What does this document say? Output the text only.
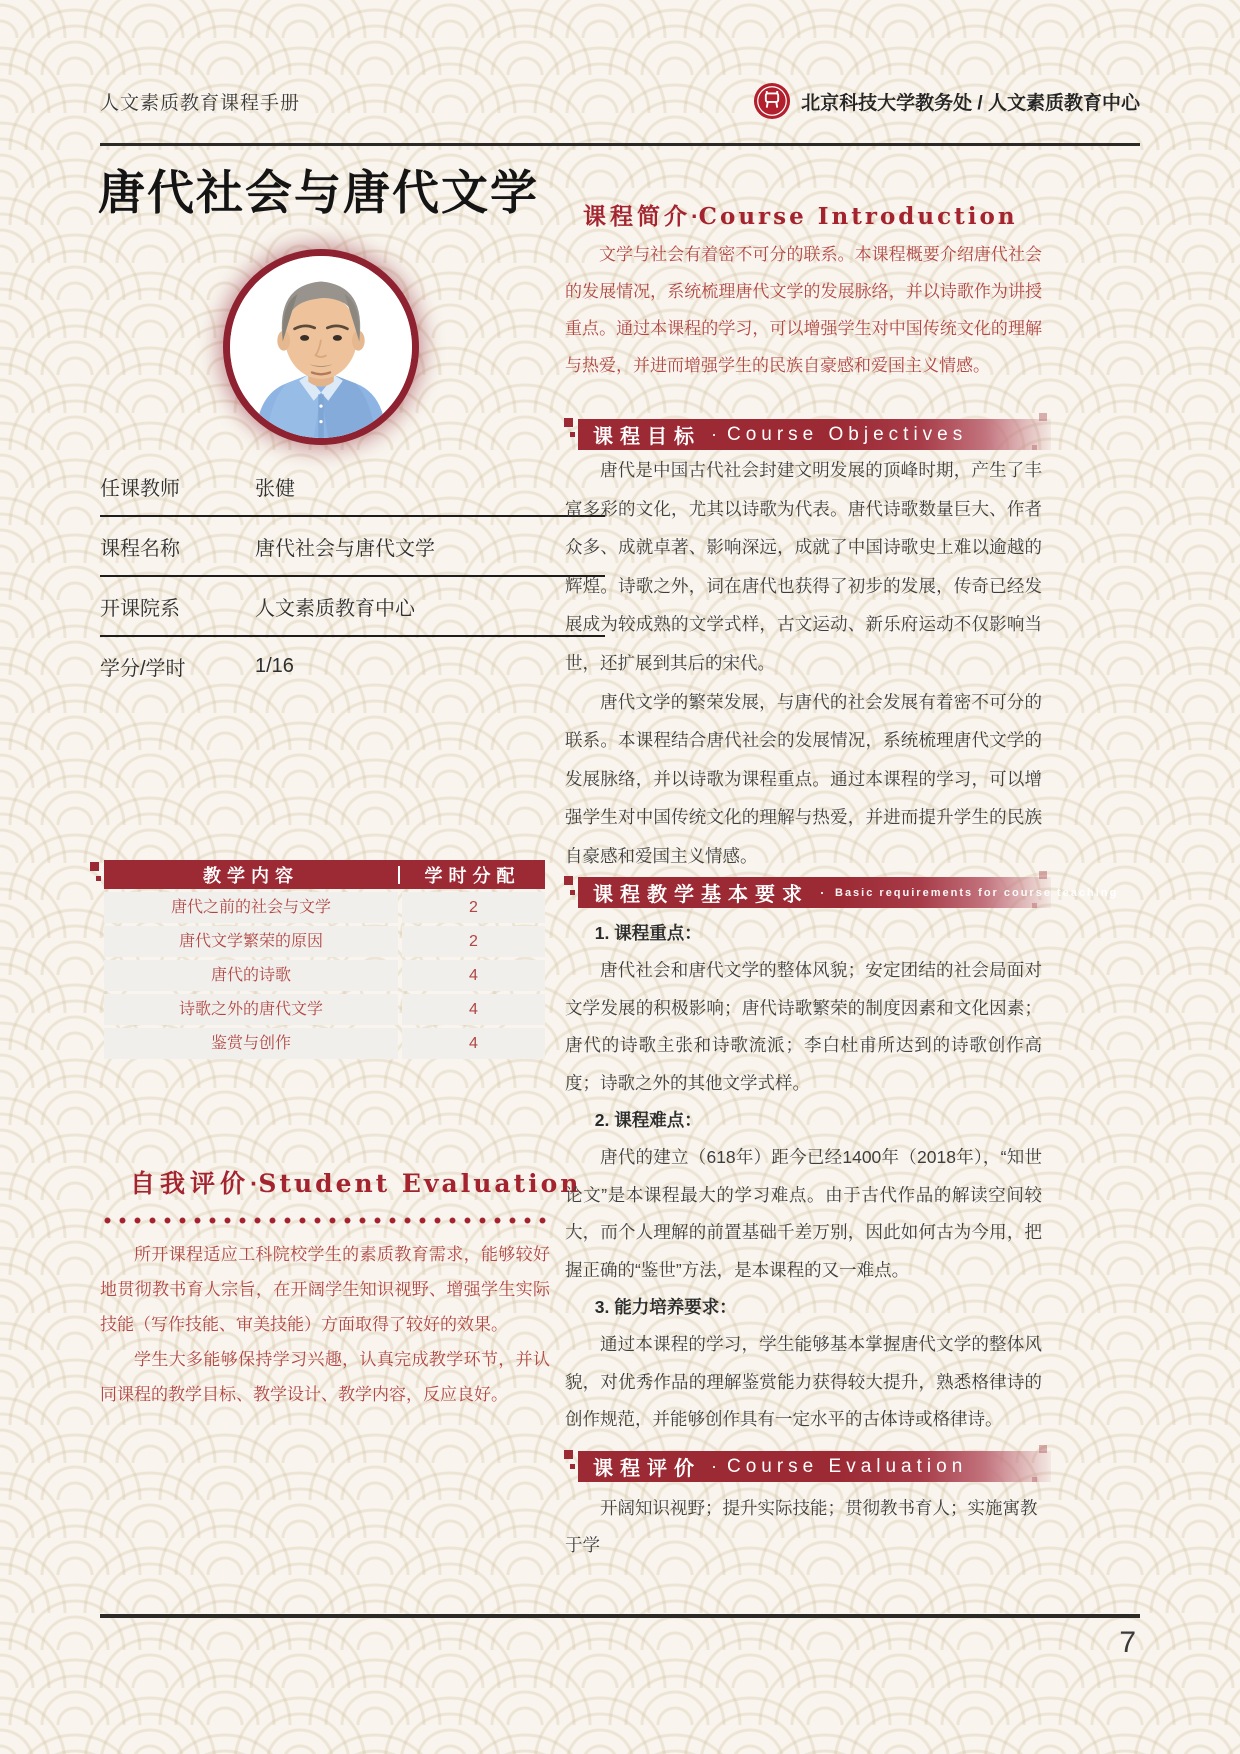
人文素质教育课程手册	北京科技大学教务处 / 人文素质教育中心
唐代社会与唐代文学
任课教师	张健
课程名称	唐代社会与唐代文学
开课院系	人文素质教育中心
学分/学时	1/16
教学内容	学时分配
唐代之前的社会与文学	2
唐代文学繁荣的原因	2
唐代的诗歌	4
诗歌之外的唐代文学	4
鉴赏与创作	4
自我评价·Student Evaluation

所开课程适应工科院校学生的素质教育需求，能够较好地贯彻教书育人宗旨，在开阔学生知识视野、增强学生实际技能（写作技能、审美技能）方面取得了较好的效果。

学生大多能够保持学习兴趣，认真完成教学环节，并认同课程的教学目标、教学设计、教学内容，反应良好。

课程简介·Course Introduction

文学与社会有着密不可分的联系。本课程概要介绍唐代社会的发展情况，系统梳理唐代文学的发展脉络，并以诗歌作为讲授重点。通过本课程的学习，可以增强学生对中国传统文化的理解与热爱，并进而增强学生的民族自豪感和爱国主义情感。

课程目标 · Course Objectives

唐代是中国古代社会封建文明发展的顶峰时期，产生了丰富多彩的文化，尤其以诗歌为代表。唐代诗歌数量巨大、作者众多、成就卓著、影响深远，成就了中国诗歌史上难以逾越的辉煌。诗歌之外，词在唐代也获得了初步的发展，传奇已经发展成为较成熟的文学式样，古文运动、新乐府运动不仅影响当世，还扩展到其后的宋代。

唐代文学的繁荣发展，与唐代的社会发展有着密不可分的联系。本课程结合唐代社会的发展情况，系统梳理唐代文学的发展脉络，并以诗歌为课程重点。通过本课程的学习，可以增强学生对中国传统文化的理解与热爱，并进而提升学生的民族自豪感和爱国主义情感。

课程教学基本要求 · Basic requirements for course teaching

1. 课程重点：

唐代社会和唐代文学的整体风貌；安定团结的社会局面对文学发展的积极影响；唐代诗歌繁荣的制度因素和文化因素；唐代的诗歌主张和诗歌流派；李白杜甫所达到的诗歌创作高度；诗歌之外的其他文学式样。

2. 课程难点：

唐代的建立（618年）距今已经1400年（2018年），“知世论文”是本课程最大的学习难点。由于古代作品的解读空间较大，而个人理解的前置基础千差万别，因此如何古为今用，把握正确的“鉴世”方法，是本课程的又一难点。

3. 能力培养要求：

通过本课程的学习，学生能够基本掌握唐代文学的整体风貌，对优秀作品的理解鉴赏能力获得较大提升，熟悉格律诗的创作规范，并能够创作具有一定水平的古体诗或格律诗。

课程评价 · Course Evaluation

开阔知识视野；提升实际技能；贯彻教书育人；实施寓教于学

7
